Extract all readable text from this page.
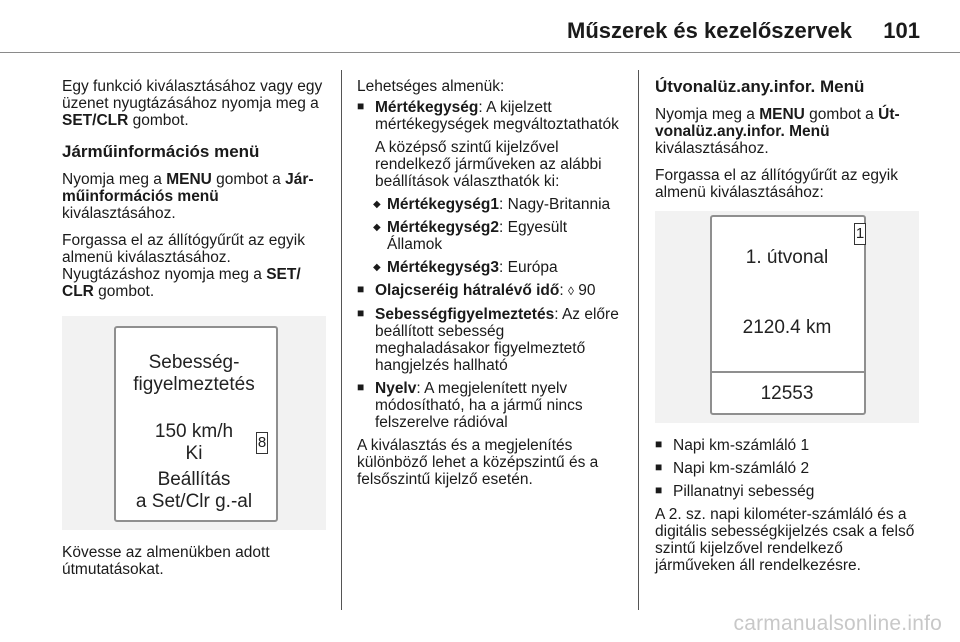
Műszerek és kezelőszervek 101

Egy funkció kiválasztásához vagy egy üzenet nyugtázásához nyomja meg a SET/CLR gombot.

Járműinformációs menü

Nyomja meg a MENU gombot a Jár-műinformációs menü
kiválasztásához.

Forgassa el az állítógyűrűt az egyik almenü kiválasztásához.

Nyugtázáshoz nyomja meg a SET/ CLR gombot.

Sebesség-
figyelmeztetés
150 km/h
Ki
Beállítás
a Set/Clr g.-al
8

Kövesse az almenükben adott útmutatásokat.

Lehetséges almenük:

■ Mértékegység: A kijelzett mértékegységek megváltoztathatók

A középső szintű kijelzővel rendelkező járműveken az alábbi beállítások választhatók ki:

◆ Mértékegység1: Nagy-Britannia
◆ Mértékegység2: Egyesült Államok
◆ Mértékegység3: Európa
■ Olajcseréig hátralévő idő: ◊ 90
■ Sebességfigyelmeztetés: Az előre beállított sebesség meghaladásakor figyelmeztető hangjelzés hallható
■ Nyelv: A megjelenített nyelv módosítható, ha a jármű nincs felszerelve rádióval

A kiválasztás és a megjelenítés különböző lehet a középszintű és a felsőszintű kijelző esetén.

Útvonalüz.any.infor. Menü

Nyomja meg a MENU gombot a Út-vonalüz.any.infor. Menü
kiválasztásához.

Forgassa el az állítógyűrűt az egyik almenü kiválasztásához:

1. útvonal
2120.4 km
12553
1
■ Napi km-számláló 1
■ Napi km-számláló 2
■ Pillanatnyi sebesség

A 2. sz. napi kilométer-számláló és a digitális sebességkijelzés csak a felső szintű kijelzővel rendelkező járműveken áll rendelkezésre.

carmanualsonline.info
